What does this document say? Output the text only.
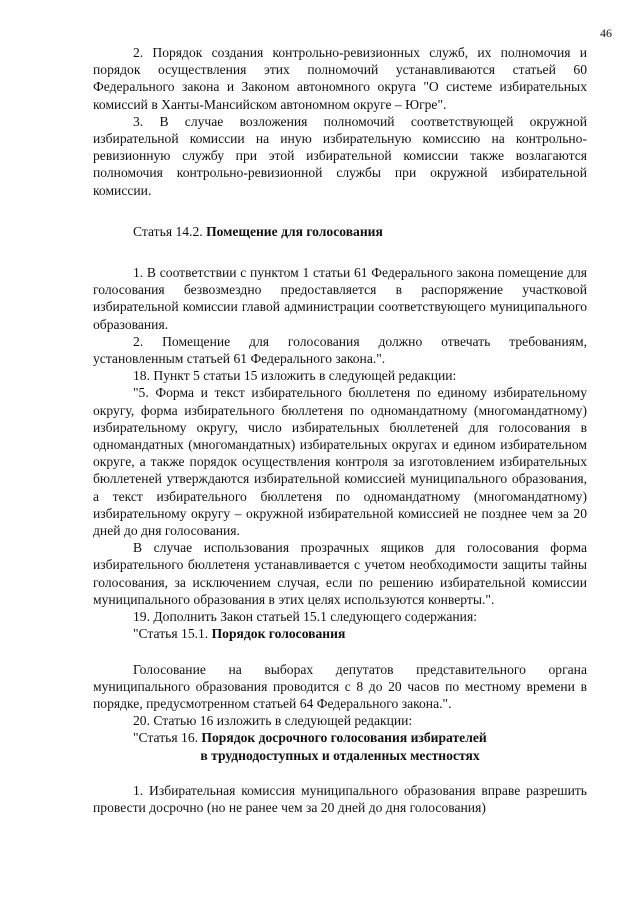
46

2. Порядок создания контрольно-ревизионных служб, их полномочия и порядок осуществления этих полномочий устанавливаются статьей 60 Федерального закона и Законом автономного округа "О системе избирательных комиссий в Ханты-Мансийском автономном округе – Югре".

3. В случае возложения полномочий соответствующей окружной избирательной комиссии на иную избирательную комиссию на контрольно-ревизионную службу при этой избирательной комиссии также возлагаются полномочия контрольно-ревизионной службы при окружной избирательной комиссии.

Статья 14.2. Помещение для голосования

1. В соответствии с пунктом 1 статьи 61 Федерального закона помещение для голосования безвозмездно предоставляется в распоряжение участковой избирательной комиссии главой администрации соответствующего муниципального образования.

2. Помещение для голосования должно отвечать требованиям, установленным статьей 61 Федерального закона.".

18. Пункт 5 статьи 15 изложить в следующей редакции:

"5. Форма и текст избирательного бюллетеня по единому избирательному округу, форма избирательного бюллетеня по одномандатному (многомандатному) избирательному округу, число избирательных бюллетеней для голосования в одномандатных (многомандатных) избирательных округах и едином избирательном округе, а также порядок осуществления контроля за изготовлением избирательных бюллетеней утверждаются избирательной комиссией муниципального образования, а текст избирательного бюллетеня по одномандатному (многомандатному) избирательному округу – окружной избирательной комиссией не позднее чем за 20 дней до дня голосования.

В случае использования прозрачных ящиков для голосования форма избирательного бюллетеня устанавливается с учетом необходимости защиты тайны голосования, за исключением случая, если по решению избирательной комиссии муниципального образования в этих целях используются конверты.".

19. Дополнить Закон статьей 15.1 следующего содержания:

"Статья 15.1. Порядок голосования

Голосование на выборах депутатов представительного органа муниципального образования проводится с 8 до 20 часов по местному времени в порядке, предусмотренном статьей 64 Федерального закона.".

20. Статью 16 изложить в следующей редакции:

"Статья 16. Порядок досрочного голосования избирателей

в труднодоступных и отдаленных местностях

1. Избирательная комиссия муниципального образования вправе разрешить провести досрочно (но не ранее чем за 20 дней до дня голосования)
